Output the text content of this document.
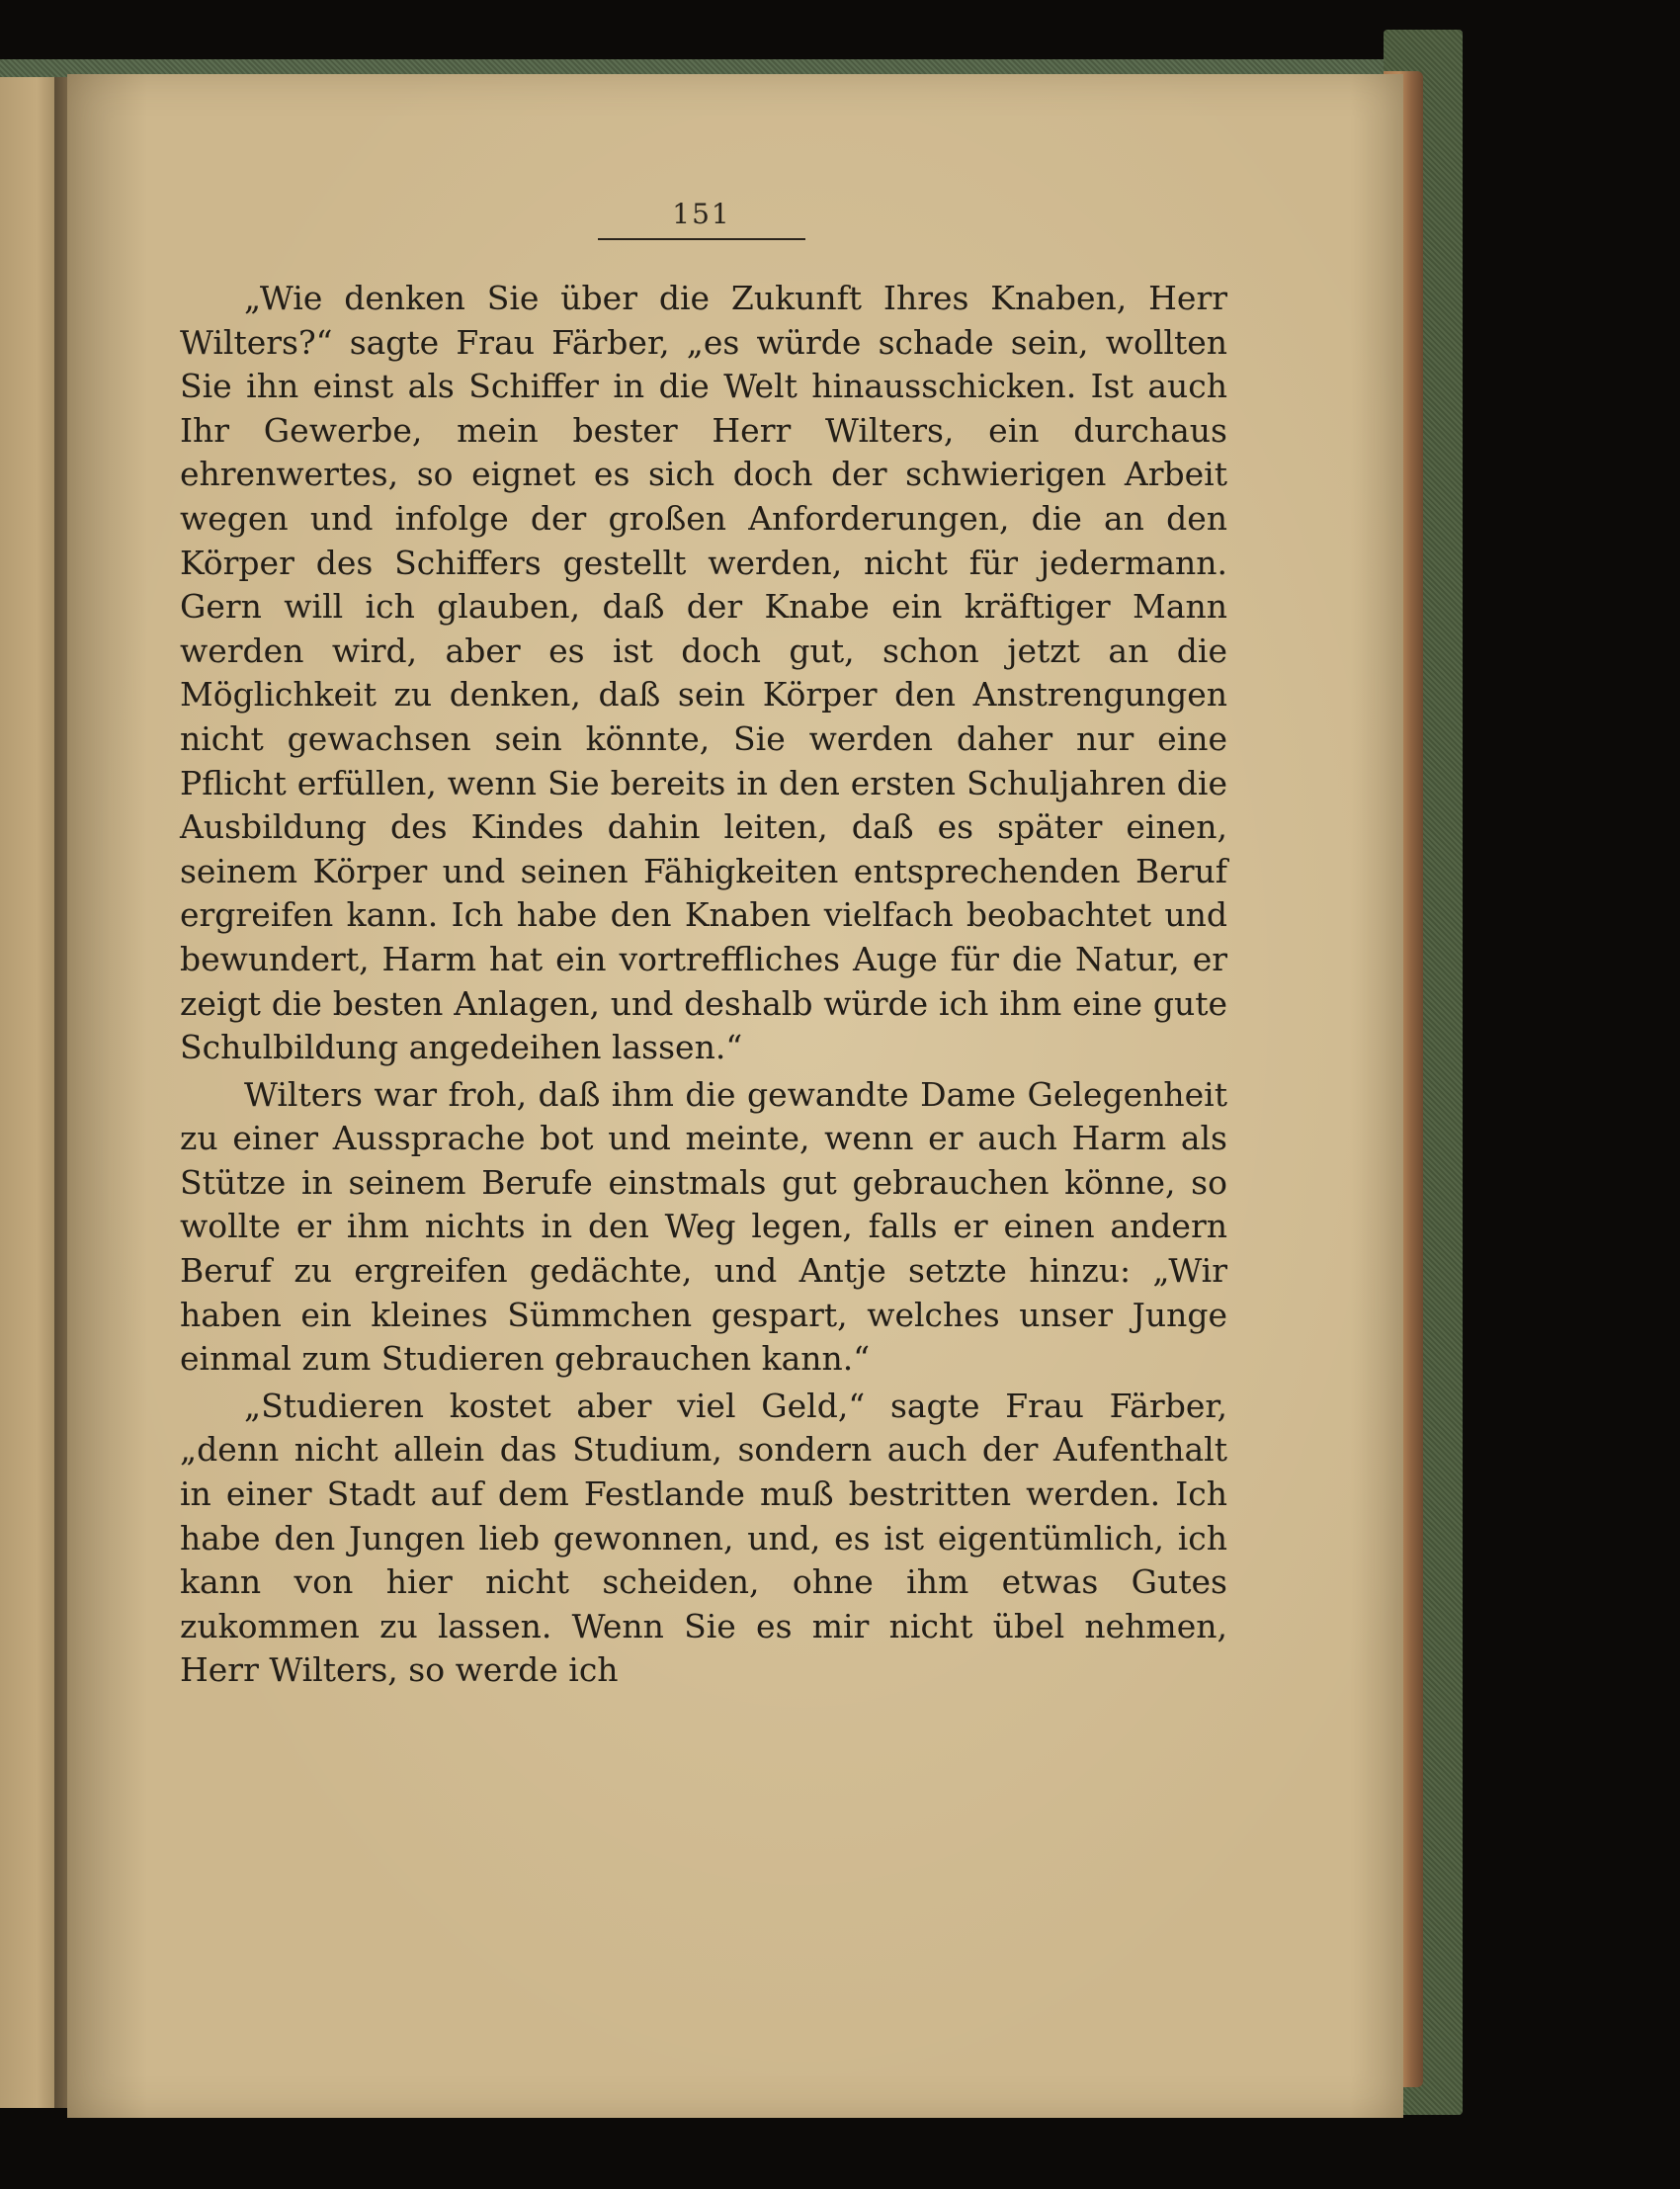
151

„Wie denken Sie über die Zukunft Ihres Knaben, Herr Wilters?“ sagte Frau Färber, „es würde schade sein, wollten Sie ihn einst als Schiffer in die Welt hinausschicken. Ist auch Ihr Gewerbe, mein bester Herr Wilters, ein durchaus ehrenwertes, so eignet es sich doch der schwierigen Arbeit wegen und infolge der großen Anforderungen, die an den Körper des Schiffers gestellt werden, nicht für jedermann. Gern will ich glauben, daß der Knabe ein kräftiger Mann werden wird, aber es ist doch gut, schon jetzt an die Möglichkeit zu denken, daß sein Körper den Anstrengungen nicht gewachsen sein könnte, Sie werden daher nur eine Pflicht erfüllen, wenn Sie bereits in den ersten Schuljahren die Ausbildung des Kindes dahin leiten, daß es später einen, seinem Körper und seinen Fähigkeiten entsprechenden Beruf ergreifen kann. Ich habe den Knaben vielfach beobachtet und bewundert, Harm hat ein vortreffliches Auge für die Natur, er zeigt die besten Anlagen, und deshalb würde ich ihm eine gute Schulbildung angedeihen lassen.“

Wilters war froh, daß ihm die gewandte Dame Gelegenheit zu einer Aussprache bot und meinte, wenn er auch Harm als Stütze in seinem Berufe einstmals gut gebrauchen könne, so wollte er ihm nichts in den Weg legen, falls er einen andern Beruf zu ergreifen gedächte, und Antje setzte hinzu: „Wir haben ein kleines Sümmchen gespart, welches unser Junge einmal zum Studieren gebrauchen kann.“

„Studieren kostet aber viel Geld,“ sagte Frau Färber, „denn nicht allein das Studium, sondern auch der Aufenthalt in einer Stadt auf dem Festlande muß bestritten werden. Ich habe den Jungen lieb gewonnen, und, es ist eigentümlich, ich kann von hier nicht scheiden, ohne ihm etwas Gutes zukommen zu lassen. Wenn Sie es mir nicht übel nehmen, Herr Wilters, so werde ich
